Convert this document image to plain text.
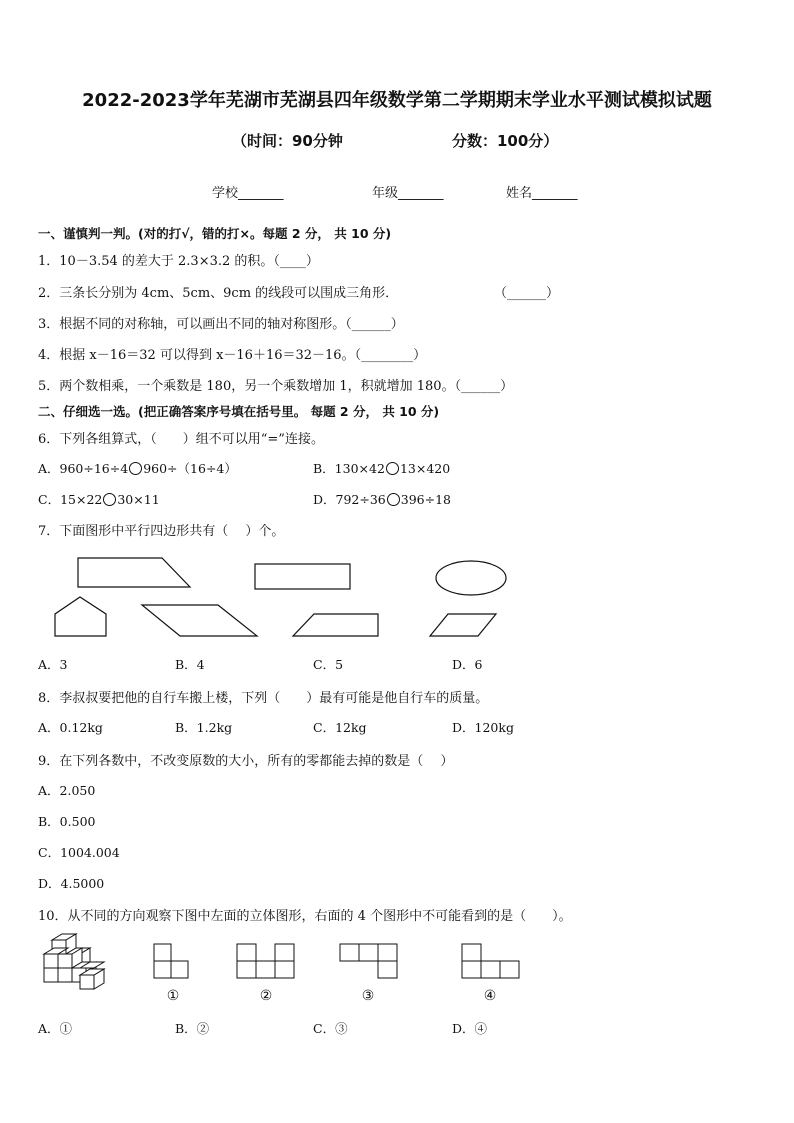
2022-2023学年芜湖市芜湖县四年级数学第二学期期末学业水平测试模拟试题
（时间：90分钟	分数：100分）
学校_______	年级_______	姓名_______
一、谨慎判一判。(对的打√，错的打×。每题 2 分， 共 10 分)
1．10－3.54 的差大于 2.3×3.2 的积。（____）
2．三条长分别为 4cm、5cm、9cm 的线段可以围成三角形．	（______）
3．根据不同的对称轴，可以画出不同的轴对称图形。（______）
4．根据 x－16＝32 可以得到 x－16＋16＝32－16。（________）
5．两个数相乘，一个乘数是 180，另一个乘数增加 1，积就增加 180。（______）
二、仔细选一选。(把正确答案序号填在括号里。 每题 2 分， 共 10 分)
6．下列各组算式，（　　）组不可以用“=”连接。
A．960÷16÷4 960÷（16÷4）	B．130×42 13×420
C．15×22 30×11	D．792÷36 396÷18
7．下面图形中平行四边形共有（　 ）个。
A．3	B．4	C．5	D．6
8．李叔叔要把他的自行车搬上楼，下列（　　）最有可能是他自行车的质量。
A．0.12kg	B．1.2kg	C．12kg	D．120kg
9．在下列各数中，不改变原数的大小，所有的零都能去掉的数是（　 ）
A．2.050
B．0.500
C．1004.004
D．4.5000
10．从不同的方向观察下图中左面的立体图形，右面的 4 个图形中不可能看到的是（　　）。
①	②	③	④
A．①	B．②	C．③	D．④
